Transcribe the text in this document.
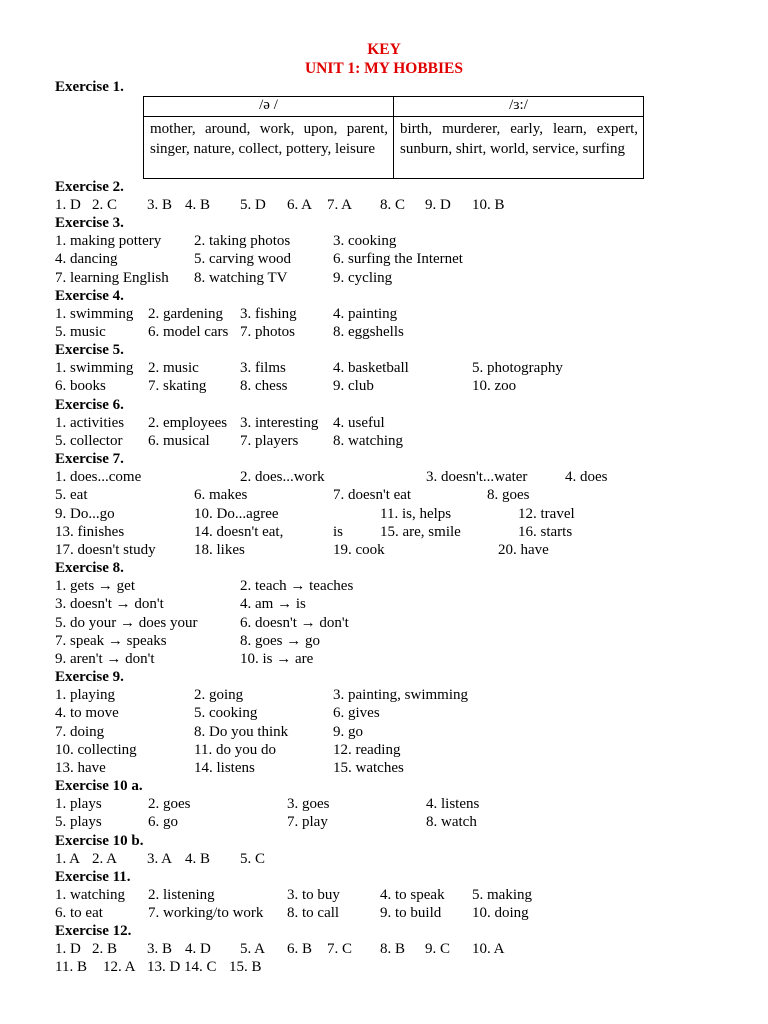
KEY
UNIT 1: MY HOBBIES
Exercise 1.
/ə /	/ɜ:/
mother, around, work, upon, parent, singer, nature, collect, pottery, leisure	birth, murderer, early, learn, expert, sunburn, shirt, world, service, surfing
Exercise 2.
1. D 2. C 3. B 4. B 5. D 6. A 7. A 8. C 9. D 10. B
Exercise 3.
1. making pottery 2. taking photos	3. cooking
4. dancing	5. carving wood	6. surfing the Internet
7. learning English 8. watching TV	9. cycling
Exercise 4.
1. swimming 2. gardening 3. fishing 4. painting
5. music	6. model cars 7. photos	8. eggshells
Exercise 5.
1. swimming 2. music	3. films	4. basketball	5. photography
6. books	7. skating 8. chess	9. club	10. zoo
Exercise 6.
1. activities 2. employees 3. interesting 4. useful
5. collector 6. musical 7. players 8. watching
Exercise 7.
1. does...come	2. does...work	3. doesn't...water	4. does
5. eat	6. makes	7. doesn't eat	8. goes
9. Do...go	10. Do...agree	11. is, helps	12. travel
13. finishes	14. doesn't eat,	is 15. are, smile	16. starts
17. doesn't study	18. likes	19. cook	20. have
Exercise 8.
1. gets → get	2. teach → teaches
3. doesn't → don't	4. am → is
5. do your → does your	6. doesn't → don't
7. speak → speaks	8. goes → go
9. aren't → don't	10. is → are
Exercise 9.
1. playing	2. going	3. painting, swimming
4. to move	5. cooking	6. gives
7. doing	8. Do you think	9. go
10. collecting	11. do you do	12. reading
13. have	14. listens	15. watches
Exercise 10 a.
1. plays	2. goes	3. goes	4. listens
5. plays	6. go	7. play	8. watch
Exercise 10 b.
1. A 2. A 3. A 4. B 5. C
Exercise 11.
1. watching 2. listening	3. to buy	4. to speak 5. making
6. to eat	7. working/to work 8. to call	9. to build 10. doing
Exercise 12.
1. D 2. B 3. B 4. D 5. A 6. B 7. C 8. B 9. C 10. A
11. B 12. A 13. D 14. C 15. B
